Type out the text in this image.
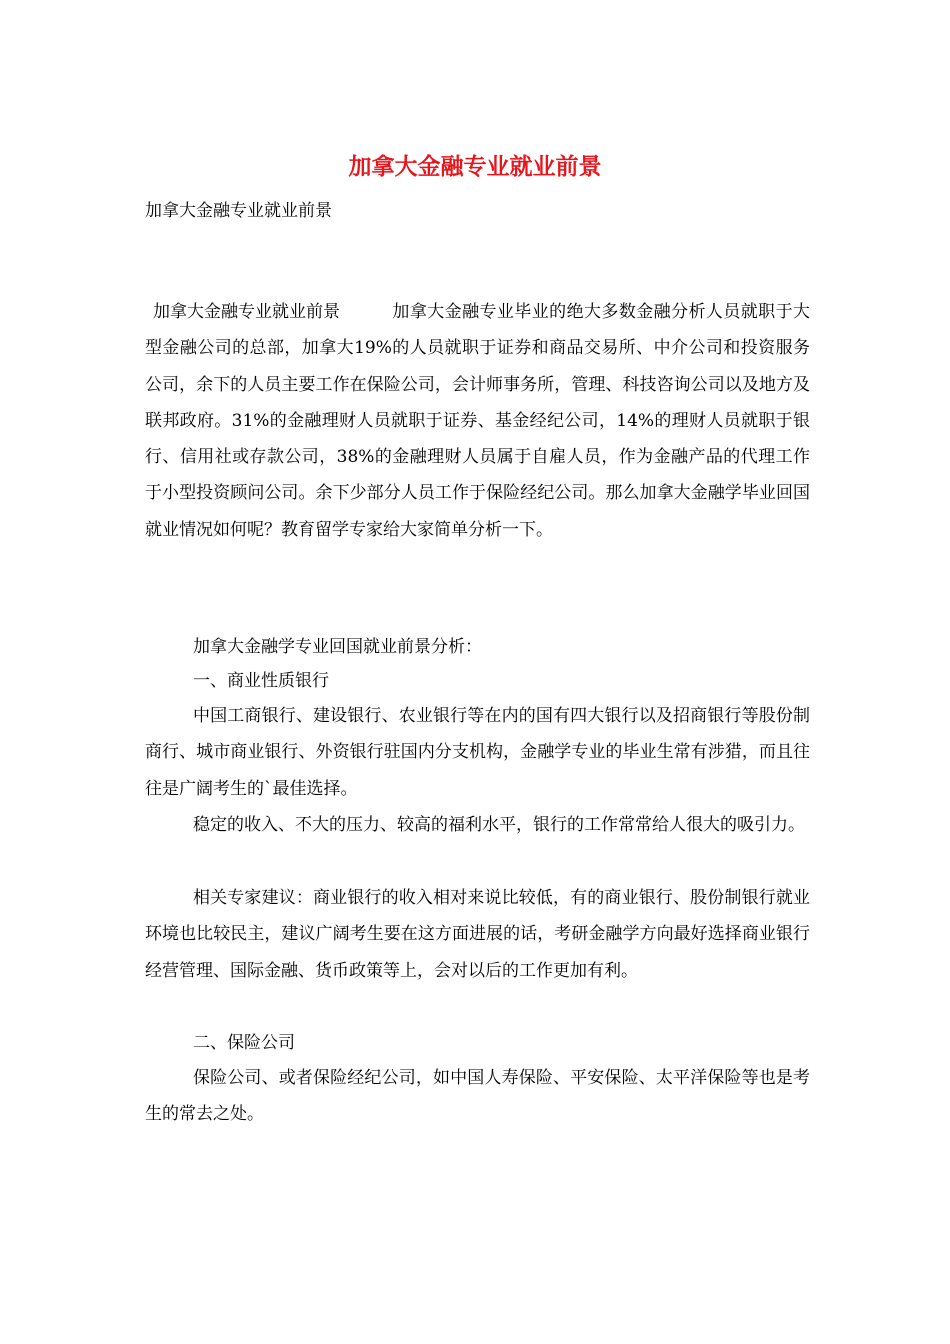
加拿大金融专业就业前景

加拿大金融专业就业前景

加拿大金融专业就业前景	加拿大金融专业毕业的绝大多数金融分析人员就职于大型金融公司的总部，加拿大19%的人员就职于证券和商品交易所、中介公司和投资服务公司，余下的人员主要工作在保险公司，会计师事务所，管理、科技咨询公司以及地方及联邦政府。31%的金融理财人员就职于证券、基金经纪公司，14%的理财人员就职于银行、信用社或存款公司，38%的金融理财人员属于自雇人员，作为金融产品的代理工作于小型投资顾问公司。余下少部分人员工作于保险经纪公司。那么加拿大金融学毕业回国就业情况如何呢？教育留学专家给大家简单分析一下。

加拿大金融学专业回国就业前景分析：

一、商业性质银行

中国工商银行、建设银行、农业银行等在内的国有四大银行以及招商银行等股份制商行、城市商业银行、外资银行驻国内分支机构，金融学专业的毕业生常有涉猎，而且往往是广阔考生的`最佳选择。

稳定的收入、不大的压力、较高的福利水平，银行的工作常常给人很大的吸引力。

相关专家建议：商业银行的收入相对来说比较低，有的商业银行、股份制银行就业环境也比较民主，建议广阔考生要在这方面进展的话，考研金融学方向最好选择商业银行经营管理、国际金融、货币政策等上，会对以后的工作更加有利。

二、保险公司

保险公司、或者保险经纪公司，如中国人寿保险、平安保险、太平洋保险等也是考生的常去之处。
